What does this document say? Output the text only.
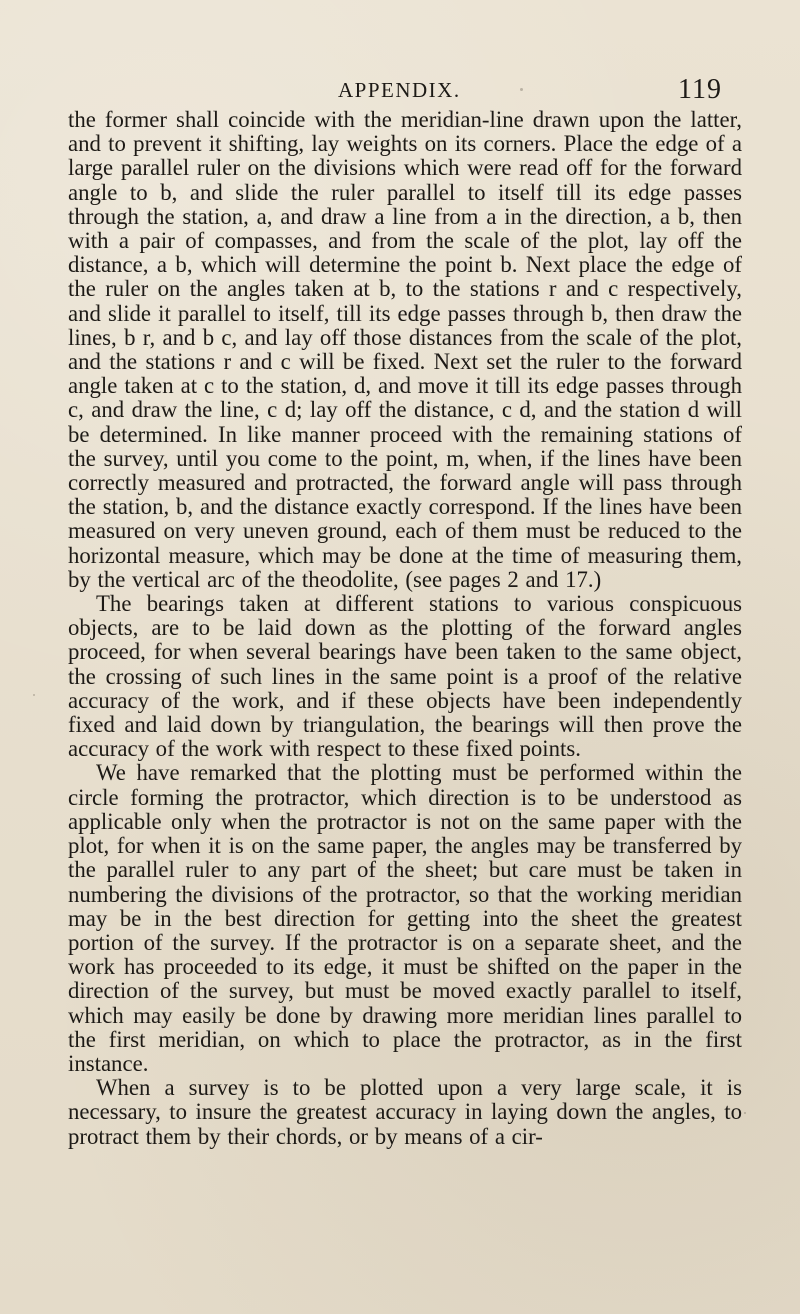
APPENDIX.	119

the former shall coincide with the meridian-line drawn upon the latter, and to prevent it shifting, lay weights on its corners. Place the edge of a large parallel ruler on the divisions which were read off for the forward angle to b, and slide the ruler parallel to itself till its edge passes through the station, a, and draw a line from a in the direction, a b, then with a pair of compasses, and from the scale of the plot, lay off the distance, a b, which will determine the point b. Next place the edge of the ruler on the angles taken at b, to the stations r and c respectively, and slide it parallel to itself, till its edge passes through b, then draw the lines, b r, and b c, and lay off those distances from the scale of the plot, and the stations r and c will be fixed. Next set the ruler to the forward angle taken at c to the station, d, and move it till its edge passes through c, and draw the line, c d; lay off the distance, c d, and the station d will be determined. In like manner proceed with the remaining stations of the survey, until you come to the point, m, when, if the lines have been correctly measured and protracted, the forward angle will pass through the station, b, and the distance exactly correspond. If the lines have been measured on very uneven ground, each of them must be reduced to the horizontal measure, which may be done at the time of measuring them, by the vertical arc of the theodolite, (see pages 2 and 17.)

The bearings taken at different stations to various conspicuous objects, are to be laid down as the plotting of the forward angles proceed, for when several bearings have been taken to the same object, the crossing of such lines in the same point is a proof of the relative accuracy of the work, and if these objects have been independently fixed and laid down by triangulation, the bearings will then prove the accuracy of the work with respect to these fixed points.

We have remarked that the plotting must be performed within the circle forming the protractor, which direction is to be understood as applicable only when the protractor is not on the same paper with the plot, for when it is on the same paper, the angles may be transferred by the parallel ruler to any part of the sheet; but care must be taken in numbering the divisions of the protractor, so that the working meridian may be in the best direction for getting into the sheet the greatest portion of the survey. If the protractor is on a separate sheet, and the work has proceeded to its edge, it must be shifted on the paper in the direction of the survey, but must be moved exactly parallel to itself, which may easily be done by drawing more meridian lines parallel to the first meridian, on which to place the protractor, as in the first instance.

When a survey is to be plotted upon a very large scale, it is necessary, to insure the greatest accuracy in laying down the angles, to protract them by their chords, or by means of a cir-
